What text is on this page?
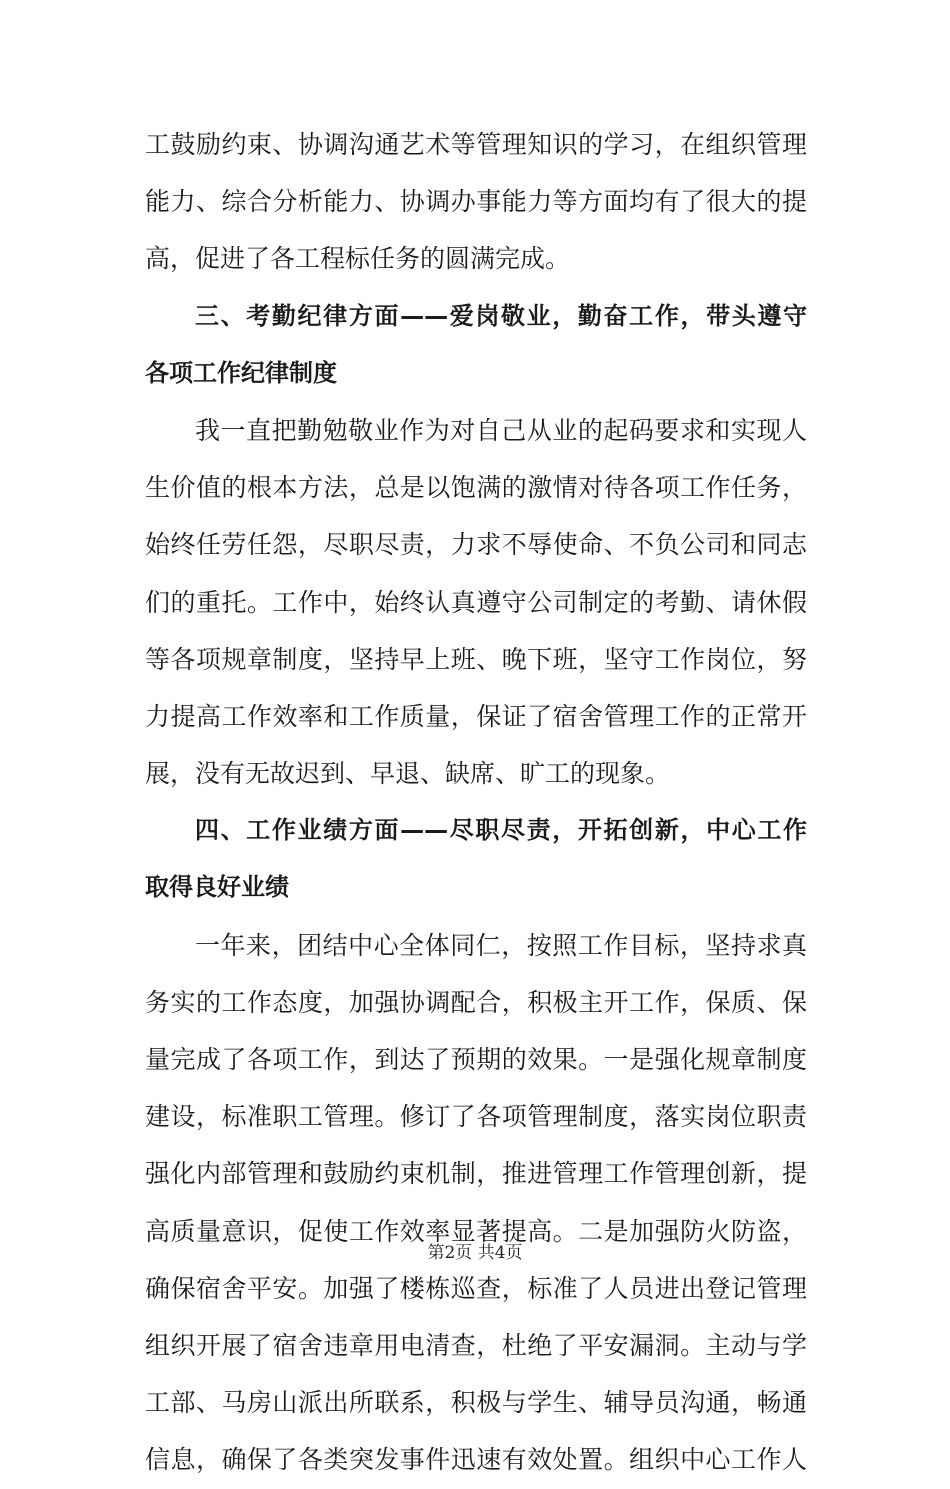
工鼓励约束、协调沟通艺术等管理知识的学习，在组织管理
能力、综合分析能力、协调办事能力等方面均有了很大的提
高，促进了各工程标任务的圆满完成。
三、考勤纪律方面——爱岗敬业，勤奋工作，带头遵守
各项工作纪律制度
我一直把勤勉敬业作为对自己从业的起码要求和实现人
生价值的根本方法，总是以饱满的激情对待各项工作任务，
始终任劳任怨，尽职尽责，力求不辱使命、不负公司和同志
们的重托。工作中，始终认真遵守公司制定的考勤、请休假
等各项规章制度，坚持早上班、晚下班，坚守工作岗位，努
力提高工作效率和工作质量，保证了宿舍管理工作的正常开
展，没有无故迟到、早退、缺席、旷工的现象。
四、工作业绩方面——尽职尽责，开拓创新，中心工作
取得良好业绩
一年来，团结中心全体同仁，按照工作目标，坚持求真
务实的工作态度，加强协调配合，积极主开工作，保质、保
量完成了各项工作，到达了预期的效果。一是强化规章制度
建设，标准职工管理。修订了各项管理制度，落实岗位职责
强化内部管理和鼓励约束机制，推进管理工作管理创新，提
高质量意识，促使工作效率显著提高。二是加强防火防盗，
确保宿舍平安。加强了楼栋巡查，标准了人员进出登记管理
组织开展了宿舍违章用电清查，杜绝了平安漏洞。主动与学
工部、马房山派出所联系，积极与学生、辅导员沟通，畅通
信息，确保了各类突发事件迅速有效处置。组织中心工作人
第2页 共4页
